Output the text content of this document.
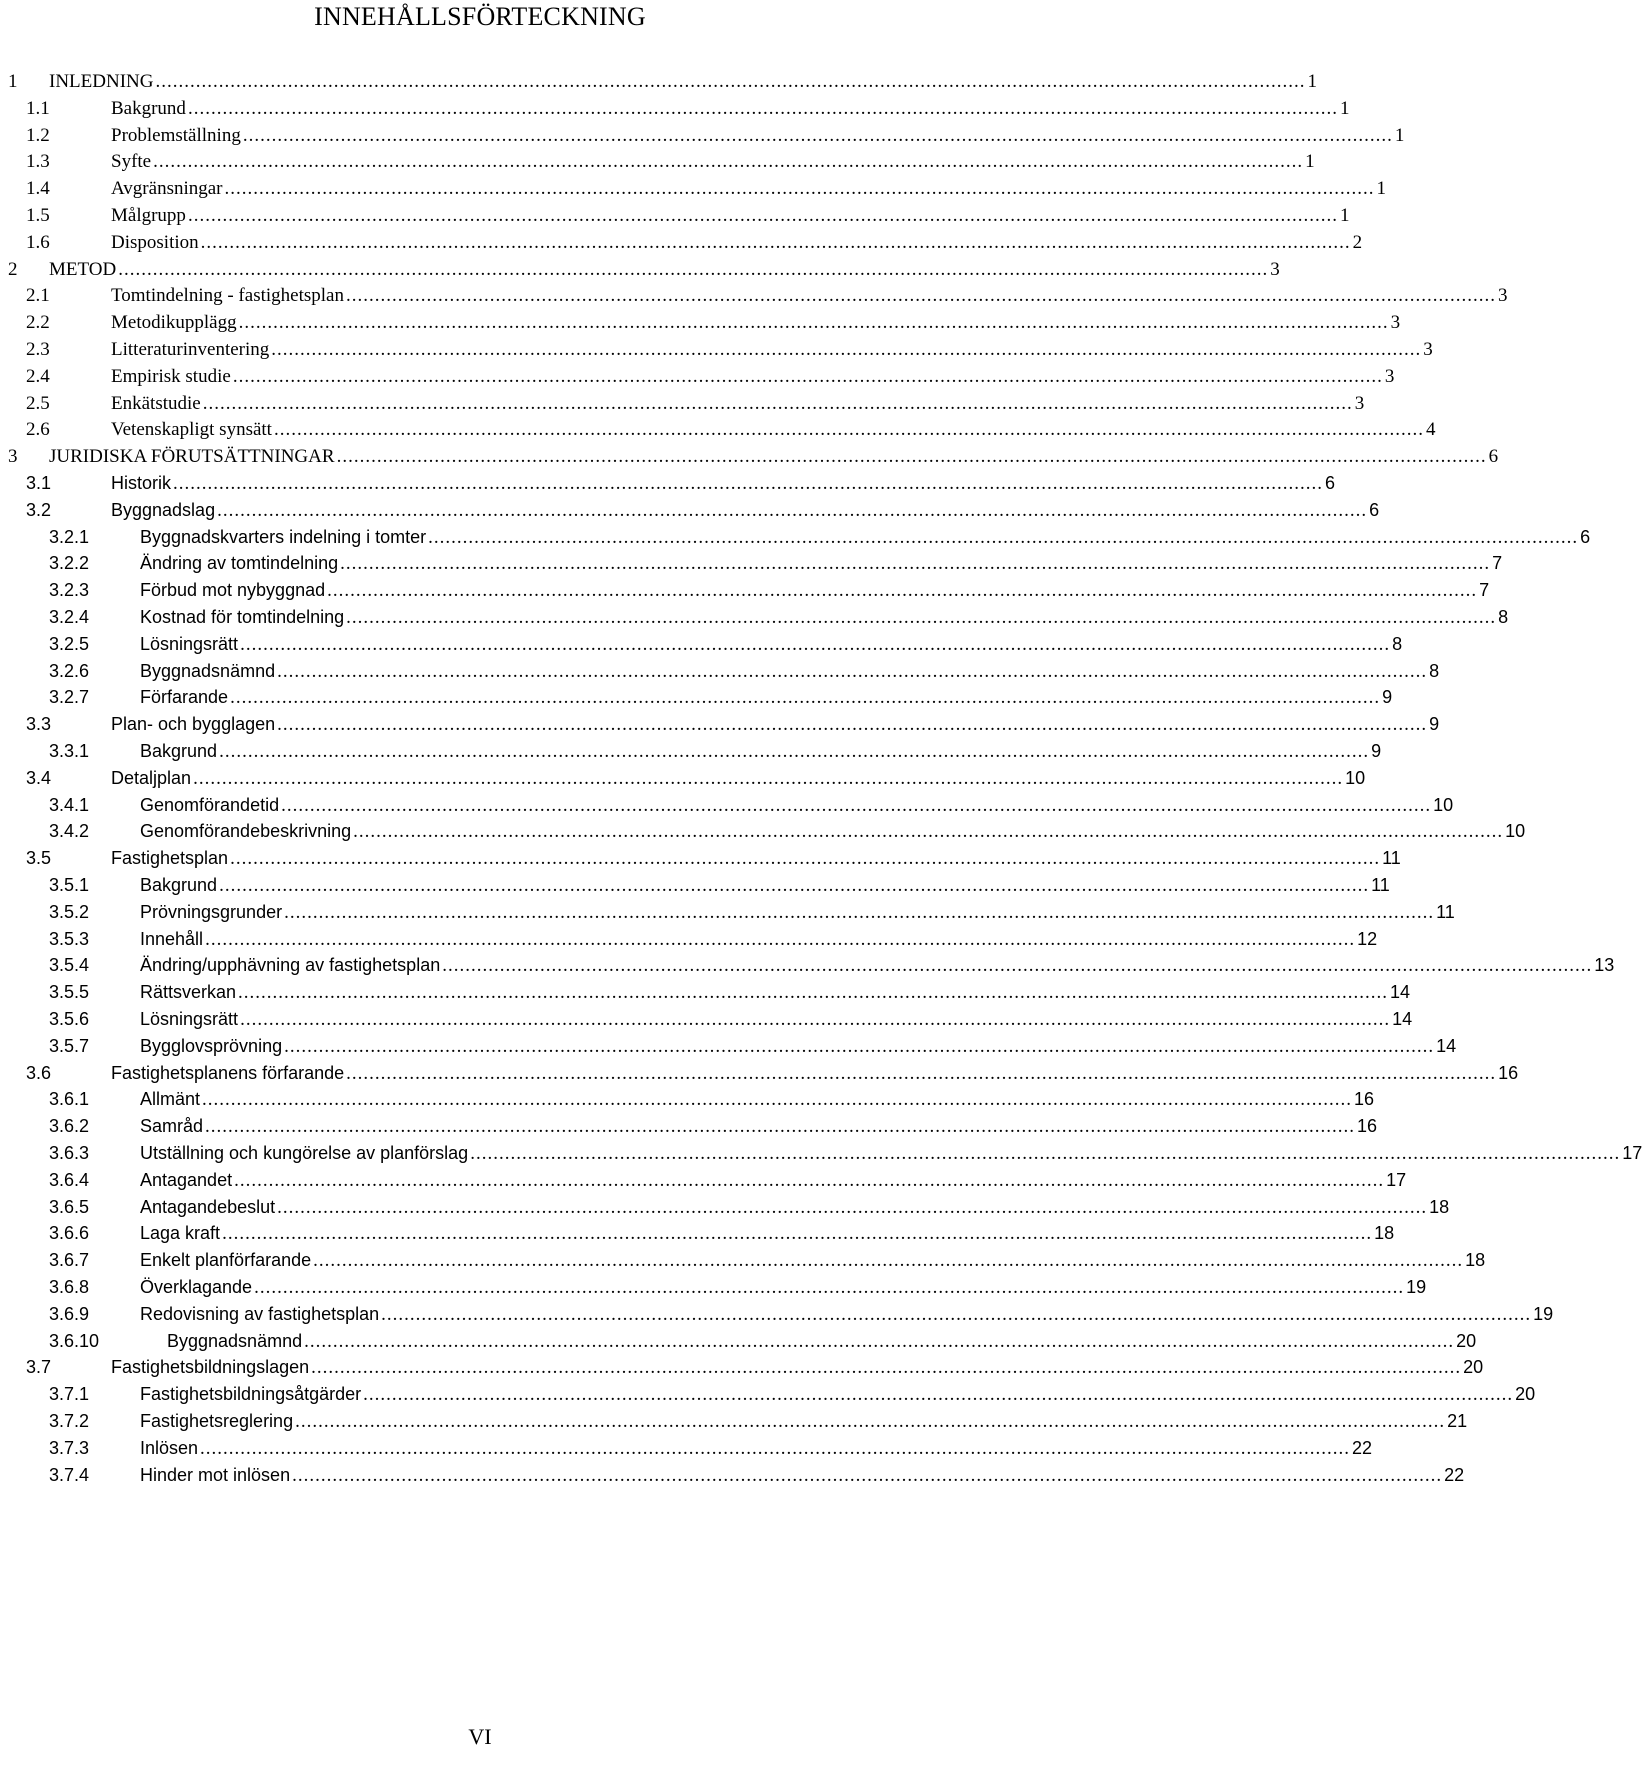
INNEHÅLLSFÖRTECKNING
1 INLEDNING ........................................................................................................................................................................................................ 1
1.1	Bakgrund ........................................................................................................................................................................................................ 1
1.2	Problemställning ........................................................................................................................................................................................................ 1
1.3	Syfte ........................................................................................................................................................................................................ 1
1.4	Avgränsningar ........................................................................................................................................................................................................ 1
1.5	Målgrupp ........................................................................................................................................................................................................ 1
1.6	Disposition ........................................................................................................................................................................................................ 2
2 METOD ........................................................................................................................................................................................................ 3
2.1	Tomtindelning - fastighetsplan ........................................................................................................................................................................................................ 3
2.2	Metodikupplägg ........................................................................................................................................................................................................ 3
2.3	Litteraturinventering ........................................................................................................................................................................................................ 3
2.4	Empirisk studie ........................................................................................................................................................................................................ 3
2.5	Enkätstudie ........................................................................................................................................................................................................ 3
2.6	Vetenskapligt synsätt ........................................................................................................................................................................................................ 4
3 JURIDISKA FÖRUTSÄTTNINGAR ........................................................................................................................................................................................................ 6
3.1	Historik ........................................................................................................................................................................................................ 6
3.2	Byggnadslag ........................................................................................................................................................................................................ 6
3.2.1	Byggnadskvarters indelning i tomter ........................................................................................................................................................................................................ 6
3.2.2	Ändring av tomtindelning ........................................................................................................................................................................................................ 7
3.2.3	Förbud mot nybyggnad ........................................................................................................................................................................................................ 7
3.2.4	Kostnad för tomtindelning ........................................................................................................................................................................................................ 8
3.2.5	Lösningsrätt ........................................................................................................................................................................................................ 8
3.2.6	Byggnadsnämnd ........................................................................................................................................................................................................ 8
3.2.7	Förfarande ........................................................................................................................................................................................................ 9
3.3	Plan- och bygglagen ........................................................................................................................................................................................................ 9
3.3.1	Bakgrund ........................................................................................................................................................................................................ 9
3.4	Detaljplan ........................................................................................................................................................................................................ 10
3.4.1	Genomförandetid ........................................................................................................................................................................................................ 10
3.4.2	Genomförandebeskrivning ........................................................................................................................................................................................................ 10
3.5	Fastighetsplan ........................................................................................................................................................................................................ 11
3.5.1	Bakgrund ........................................................................................................................................................................................................ 11
3.5.2	Prövningsgrunder ........................................................................................................................................................................................................ 11
3.5.3	Innehåll ........................................................................................................................................................................................................ 12
3.5.4	Ändring/upphävning av fastighetsplan ........................................................................................................................................................................................................ 13
3.5.5	Rättsverkan ........................................................................................................................................................................................................ 14
3.5.6	Lösningsrätt ........................................................................................................................................................................................................ 14
3.5.7	Bygglovsprövning ........................................................................................................................................................................................................ 14
3.6	Fastighetsplanens förfarande ........................................................................................................................................................................................................ 16
3.6.1	Allmänt ........................................................................................................................................................................................................ 16
3.6.2	Samråd ........................................................................................................................................................................................................ 16
3.6.3	Utställning och kungörelse av planförslag ........................................................................................................................................................................................................ 17
3.6.4	Antagandet ........................................................................................................................................................................................................ 17
3.6.5	Antagandebeslut ........................................................................................................................................................................................................ 18
3.6.6	Laga kraft ........................................................................................................................................................................................................ 18
3.6.7	Enkelt planförfarande ........................................................................................................................................................................................................ 18
3.6.8	Överklagande ........................................................................................................................................................................................................ 19
3.6.9	Redovisning av fastighetsplan ........................................................................................................................................................................................................ 19
3.6.10	Byggnadsnämnd ........................................................................................................................................................................................................ 20
3.7	Fastighetsbildningslagen ........................................................................................................................................................................................................ 20
3.7.1	Fastighetsbildningsåtgärder ........................................................................................................................................................................................................ 20
3.7.2	Fastighetsreglering ........................................................................................................................................................................................................ 21
3.7.3	Inlösen ........................................................................................................................................................................................................ 22
3.7.4	Hinder mot inlösen ........................................................................................................................................................................................................ 22
VI
